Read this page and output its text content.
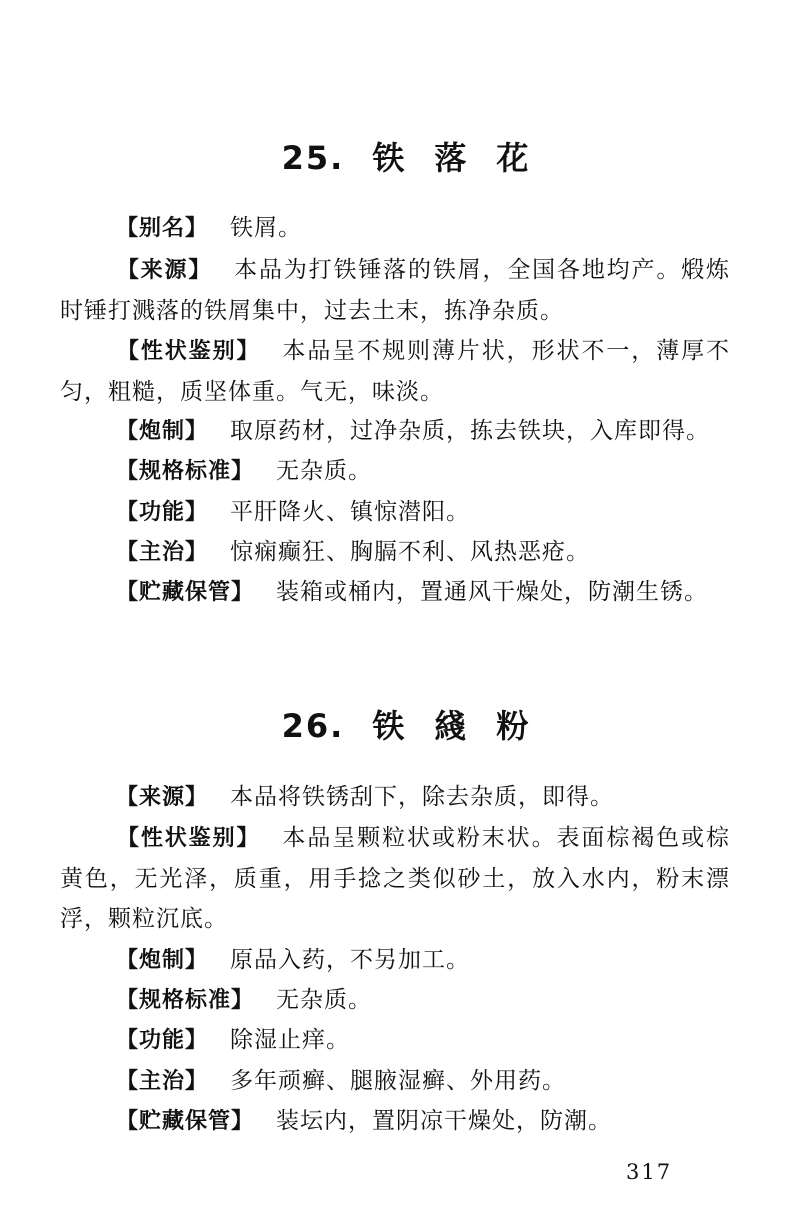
25. 铁 落 花
【别名】 铁屑。
【来源】 本品为打铁锤落的铁屑，全国各地均产。煅炼时锤打溅落的铁屑集中，过去土末，拣净杂质。
【性状鉴别】 本品呈不规则薄片状，形状不一，薄厚不匀，粗糙，质坚体重。气无，味淡。
【炮制】 取原药材，过净杂质，拣去铁块，入库即得。
【规格标准】 无杂质。
【功能】 平肝降火、镇惊潜阳。
【主治】 惊痫癫狂、胸膈不利、风热恶疮。
【贮藏保管】 装箱或桶内，置通风干燥处，防潮生锈。
26. 铁 綫 粉
【来源】 本品将铁锈刮下，除去杂质，即得。
【性状鉴别】 本品呈颗粒状或粉末状。表面棕褐色或棕黄色，无光泽，质重，用手捻之类似砂土，放入水内，粉末漂浮，颗粒沉底。
【炮制】 原品入药，不另加工。
【规格标准】 无杂质。
【功能】 除湿止痒。
【主治】 多年顽癣、腿腋湿癣、外用药。
【贮藏保管】 装坛内，置阴凉干燥处，防潮。
317
